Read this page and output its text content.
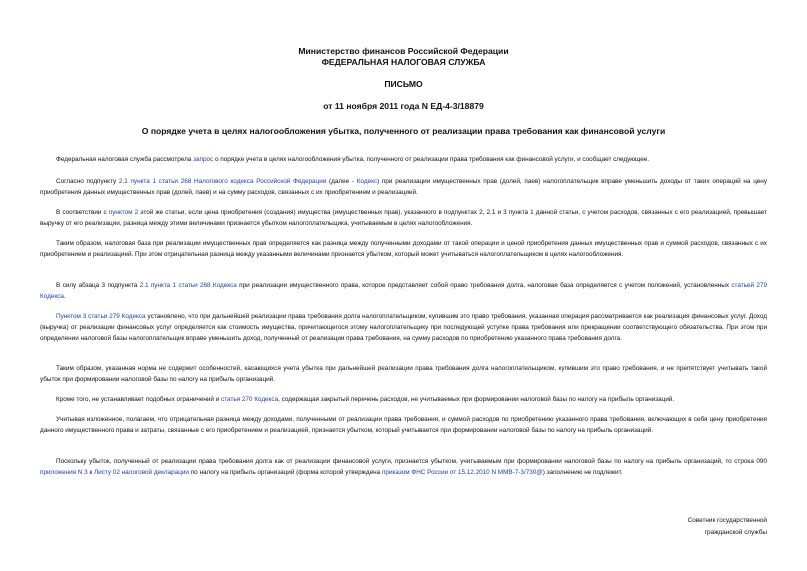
Министерство финансов Российской Федерации
ФЕДЕРАЛЬНАЯ НАЛОГОВАЯ СЛУЖБА
ПИСЬМО
от 11 ноября 2011 года N ЕД-4-3/18879
О порядке учета в целях налогообложения убытка, полученного от реализации права требования как финансовой услуги
Федеральная налоговая служба рассмотрела запрос о порядке учета в целях налогообложения убытка, полученного от реализации права требования как финансовой услуги, и сообщает следующее.
Согласно подпункту 2.1 пункта 1 статьи 268 Налогового кодекса Российской Федерации (далее - Кодекс) при реализации имущественных прав (долей, паев) налогоплательщик вправе уменьшить доходы от таких операций на цену приобретения данных имущественных прав (долей, паев) и на сумму расходов, связанных с их приобретением и реализацией.
В соответствии с пунктом 2 этой же статьи, если цена приобретения (создания) имущества (имущественных прав), указанного в подпунктах 2, 2.1 и 3 пункта 1 данной статьи, с учетом расходов, связанных с его реализацией, превышает выручку от его реализации, разница между этими величинами признается убытком налогоплательщика, учитываемым в целях налогообложения.
Таким образом, налоговая база при реализации имущественных прав определяется как разница между полученными доходами от такой операции и ценой приобретения данных имущественных прав и суммой расходов, связанных с их приобретением и реализацией. При этом отрицательная разница между указанными величинами признается убытком, который может учитываться налогоплательщиком в целях налогообложения.
В силу абзаца 3 подпункта 2.1 пункта 1 статьи 268 Кодекса при реализации имущественного права, которое представляет собой право требования долга, налоговая база определяется с учетом положений, установленных статьей 279 Кодекса.
Пунктом 3 статьи 279 Кодекса установлено, что при дальнейшей реализации права требования долга налогоплательщиком, купившим это право требования, указанная операция рассматривается как реализация финансовых услуг. Доход (выручка) от реализации финансовых услуг определяется как стоимость имущества, причитающегося этому налогоплательщику при последующей уступке права требования или прекращении соответствующего обязательства. При этом при определении налоговой базы налогоплательщик вправе уменьшить доход, полученный от реализации права требования, на сумму расходов по приобретению указанного права требования долга.
Таким образом, указанная норма не содержит особенностей, касающихся учета убытка при дальнейшей реализации права требования долга налогоплательщиком, купившим это право требования, и не препятствует учитывать такой убыток при формировании налоговой базы по налогу на прибыль организаций.
Кроме того, не устанавливает подобных ограничений и статья 270 Кодекса, содержащая закрытый перечень расходов, не учитываемых при формировании налоговой базы по налогу на прибыль организаций.
Учитывая изложенное, полагаем, что отрицательная разница между доходами, полученными от реализации права требования, и суммой расходов по приобретению указанного права требования, включающих в себя цену приобретения данного имущественного права и затраты, связанные с его приобретением и реализацией, признается убытком, который учитывается при формировании налоговой базы по налогу на прибыль организаций.
Поскольку убыток, полученный от реализации права требования долга как от реализации финансовой услуги, признается убытком, учитываемым при формировании налоговой базы по налогу на прибыль организаций, то строка 090 приложения N 3 к Листу 02 налоговой декларации по налогу на прибыль организаций (форма которой утверждена приказом ФНС России от 15.12.2010 N ММВ-7-3/730@) заполнению не подлежит.
Советник государственной
гражданской службы
